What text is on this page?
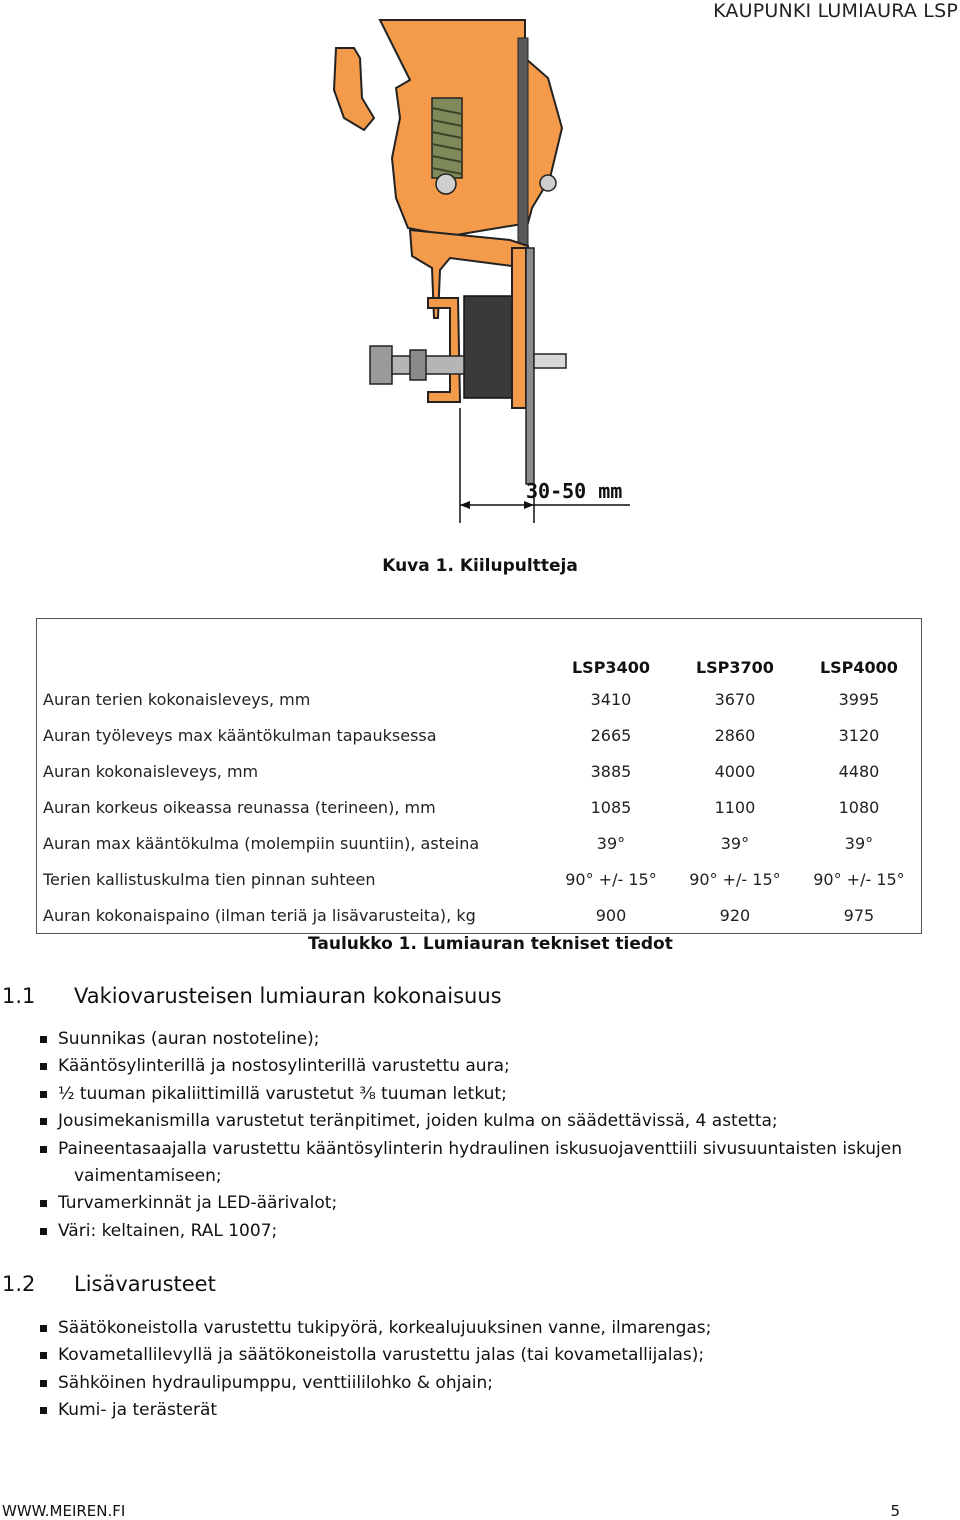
KAUPUNKI LUMIAURA LSP
30-50 mm
Kuva 1. Kiilupultteja
	LSP3400	LSP3700	LSP4000
Auran terien kokonaisleveys, mm	3410	3670	3995
Auran työleveys max kääntökulman tapauksessa	2665	2860	3120
Auran kokonaisleveys, mm	3885	4000	4480
Auran korkeus oikeassa reunassa (terineen), mm	1085	1100	1080
Auran max kääntökulma (molempiin suuntiin), asteina	39°	39°	39°
Terien kallistuskulma tien pinnan suhteen	90° +/- 15°	90° +/- 15°	90° +/- 15°
Auran kokonaispaino (ilman teriä ja lisävarusteita), kg	900	920	975
Taulukko 1. Lumiauran tekniset tiedot
1.1 Vakiovarusteisen lumiauran kokonaisuus
Suunnikas (auran nostoteline);
Kääntösylinterillä ja nostosylinterillä varustettu aura;
½ tuuman pikaliittimillä varustetut ⅜ tuuman letkut;
Jousimekanismilla varustetut teränpitimet, joiden kulma on säädettävissä, 4 astetta;
Paineentasaajalla varustettu kääntösylinterin hydraulinen iskusuojaventtiili sivusuuntaisten iskujen
vaimentamiseen;
Turvamerkinnät ja LED-äärivalot;
Väri: keltainen, RAL 1007;
1.2 Lisävarusteet
Säätökoneistolla varustettu tukipyörä, korkealujuuksinen vanne, ilmarengas;
Kovametallilevyllä ja säätökoneistolla varustettu jalas (tai kovametallijalas);
Sähköinen hydraulipumppu, venttiililohko & ohjain;
Kumi- ja terästerät
WWW.MEIREN.FI	5
